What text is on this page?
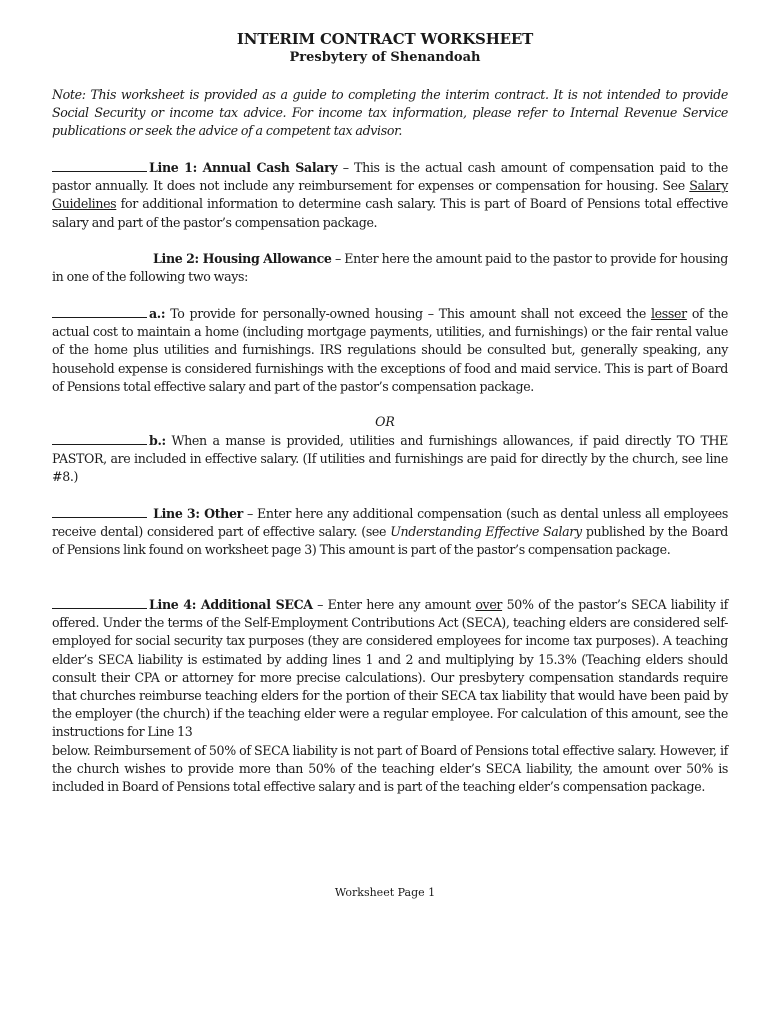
INTERIM CONTRACT WORKSHEET
Presbytery of Shenandoah
Note: This worksheet is provided as a guide to completing the interim contract. It is not intended to provide Social Security or income tax advice. For income tax information, please refer to Internal Revenue Service publications or seek the advice of a competent tax advisor.
Line 1: Annual Cash Salary – This is the actual cash amount of compensation paid to the pastor annually. It does not include any reimbursement for expenses or compensation for housing. See Salary Guidelines for additional information to determine cash salary. This is part of Board of Pensions total effective salary and part of the pastor’s compensation package.
Line 2: Housing Allowance – Enter here the amount paid to the pastor to provide for housing in one of the following two ways:
a.: To provide for personally-owned housing – This amount shall not exceed the lesser of the actual cost to maintain a home (including mortgage payments, utilities, and furnishings) or the fair rental value of the home plus utilities and furnishings. IRS regulations should be consulted but, generally speaking, any household expense is considered furnishings with the exceptions of food and maid service. This is part of Board of Pensions total effective salary and part of the pastor’s compensation package.
OR
b.: When a manse is provided, utilities and furnishings allowances, if paid directly TO THE PASTOR, are included in effective salary. (If utilities and furnishings are paid for directly by the church, see line #8.)
Line 3: Other – Enter here any additional compensation (such as dental unless all employees receive dental) considered part of effective salary. (see Understanding Effective Salary published by the Board of Pensions link found on worksheet page 3) This amount is part of the pastor’s compensation package.
Line 4: Additional SECA – Enter here any amount over 50% of the pastor’s SECA liability if offered. Under the terms of the Self-Employment Contributions Act (SECA), teaching elders are considered self-employed for social security tax purposes (they are considered employees for income tax purposes). A teaching elder’s SECA liability is estimated by adding lines 1 and 2 and multiplying by 15.3% (Teaching elders should consult their CPA or attorney for more precise calculations). Our presbytery compensation standards require that churches reimburse teaching elders for the portion of their SECA tax liability that would have been paid by the employer (the church) if the teaching elder were a regular employee. For calculation of this amount, see the instructions for Line 13
below. Reimbursement of 50% of SECA liability is not part of Board of Pensions total effective salary. However, if the church wishes to provide more than 50% of the teaching elder’s SECA liability, the amount over 50% is included in Board of Pensions total effective salary and is part of the teaching elder’s compensation package.
Worksheet Page 1
